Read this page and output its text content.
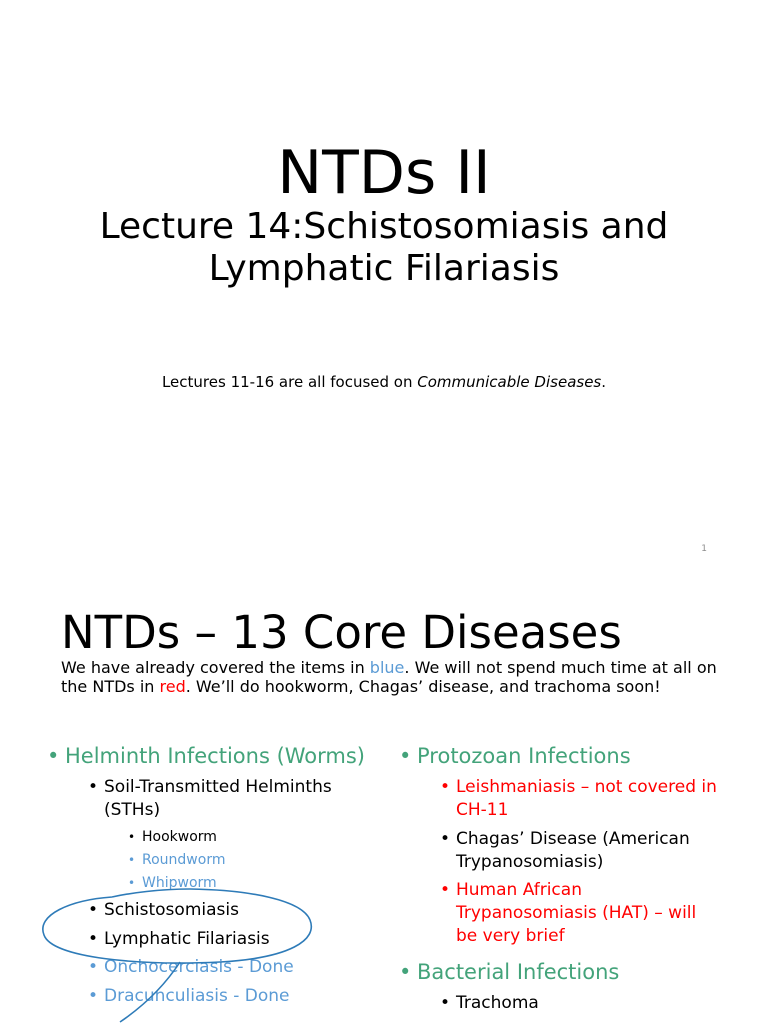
NTDs II
Lecture 14:Schistosomiasis and
Lymphatic Filariasis
Lectures 11-16 are all focused on Communicable Diseases.
1
NTDs – 13 Core Diseases
We have already covered the items in blue. We will not spend much time at all on the NTDs in red. We’ll do hookworm, Chagas’ disease, and trachoma soon!
• Helminth Infections (Worms)
• Soil-Transmitted Helminths
(STHs)
• Hookworm
• Roundworm
• Whipworm
• Schistosomiasis
• Lymphatic Filariasis
• Onchocerciasis - Done
• Dracunculiasis - Done
• Protozoan Infections
• Leishmaniasis – not covered in
CH-11
• Chagas’ Disease (American
Trypanosomiasis)
• Human African
Trypanosomiasis (HAT) – will
be very brief
• Bacterial Infections
• Trachoma
